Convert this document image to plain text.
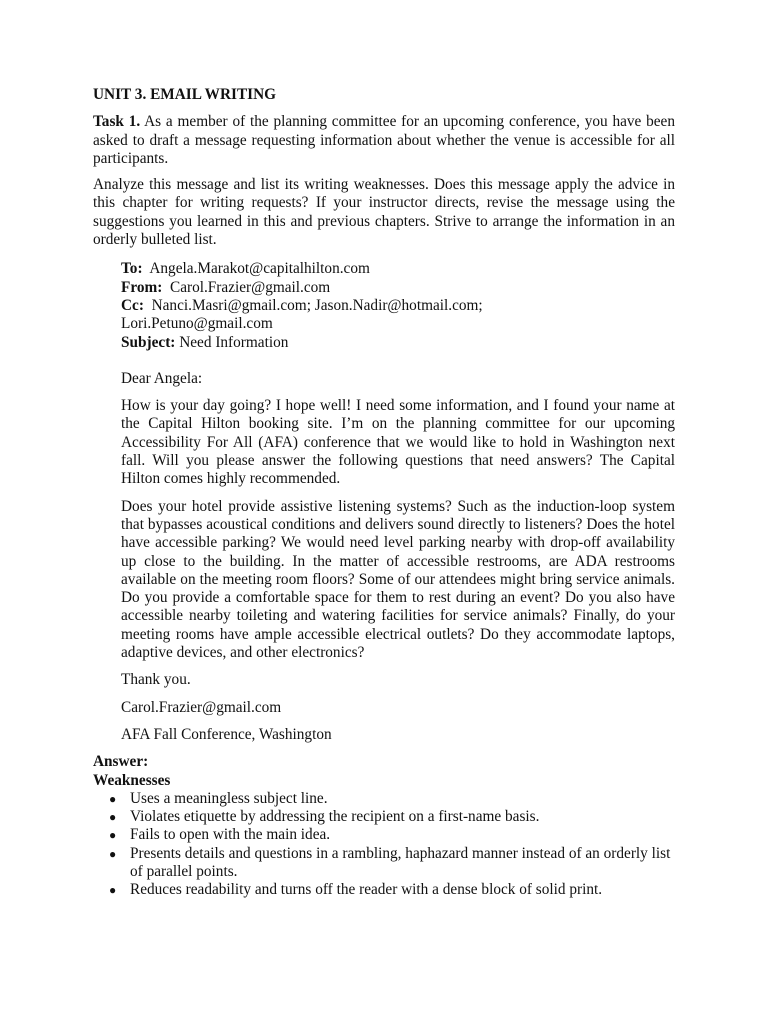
UNIT 3. EMAIL WRITING
Task 1. As a member of the planning committee for an upcoming conference, you have been asked to draft a message requesting information about whether the venue is accessible for all participants.
Analyze this message and list its writing weaknesses. Does this message apply the advice in this chapter for writing requests? If your instructor directs, revise the message using the suggestions you learned in this and previous chapters. Strive to arrange the information in an orderly bulleted list.
To:  Angela.Marakot@capitalhilton.com
From:  Carol.Frazier@gmail.com
Cc:  Nanci.Masri@gmail.com; Jason.Nadir@hotmail.com;
Lori.Petuno@gmail.com
Subject: Need Information
Dear Angela:
How is your day going? I hope well! I need some information, and I found your name at the Capital Hilton booking site. I’m on the planning committee for our upcoming Accessibility For All (AFA) conference that we would like to hold in Washington next fall. Will you please answer the following questions that need answers? The Capital Hilton comes highly recommended.
Does your hotel provide assistive listening systems? Such as the induction-loop system that bypasses acoustical conditions and delivers sound directly to listeners? Does the hotel have accessible parking? We would need level parking nearby with drop-off availability up close to the building. In the matter of accessible restrooms, are ADA restrooms available on the meeting room floors? Some of our attendees might bring service animals. Do you provide a comfortable space for them to rest during an event? Do you also have accessible nearby toileting and watering facilities for service animals? Finally, do your meeting rooms have ample accessible electrical outlets? Do they accommodate laptops, adaptive devices, and other electronics?
Thank you.
Carol.Frazier@gmail.com
AFA Fall Conference, Washington
Answer:
Weaknesses
● Uses a meaningless subject line.
● Violates etiquette by addressing the recipient on a first-name basis.
● Fails to open with the main idea.
● Presents details and questions in a rambling, haphazard manner instead of an orderly list of parallel points.
● Reduces readability and turns off the reader with a dense block of solid print.
